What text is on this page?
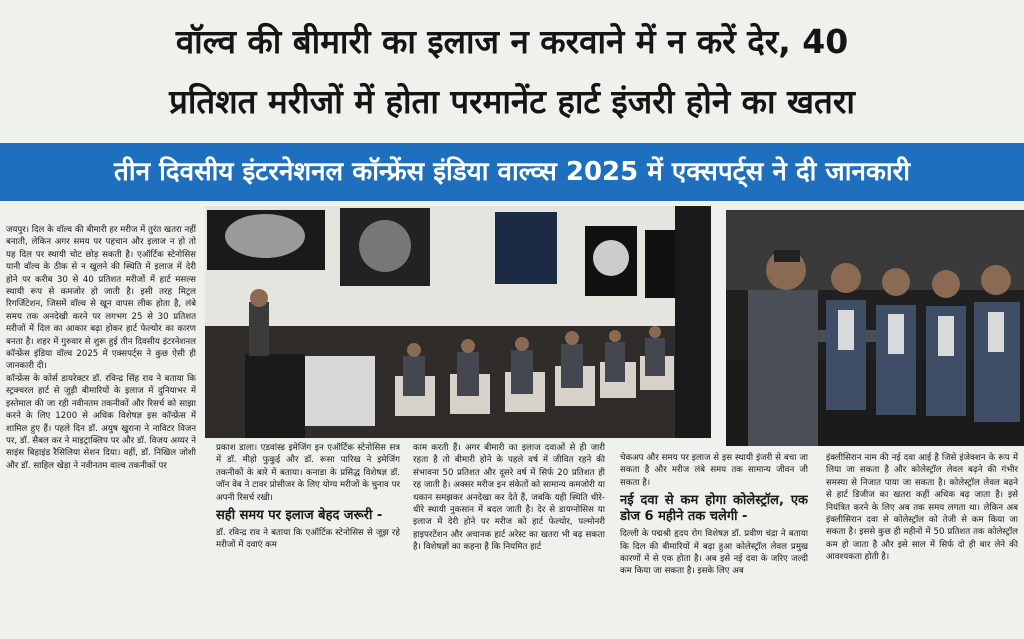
वॉल्व की बीमारी का इलाज न करवाने में न करें देर, 40
प्रतिशत मरीजों में होता परमानेंट हार्ट इंजरी होने का खतरा
तीन दिवसीय इंटरनेशनल कॉन्फ्रेंस इंडिया वाल्व्स 2025 में एक्सपर्ट्स ने दी जानकारी

जयपुर। दिल के वॉल्व की बीमारी हर मरीज में तुरंत खतरा नहीं बनाती, लेकिन अगर समय पर पहचान और इलाज न हो तो यह दिल पर स्थायी चोट छोड़ सकती है। एऑर्टिक स्टेनोसिस यानी वॉल्व के ठीक से न खुलने की स्थिति में इलाज में देरी होने पर करीब 30 से 40 प्रतिशत मरीजों में हार्ट मसल्स स्थायी रूप से कमजोर हो जाती है। इसी तरह मिट्रल रिगर्जिटेशन, जिसमें वॉल्व से खून वापस लीक होता है, लंबे समय तक अनदेखी करने पर लगभग 25 से 30 प्रतिशत मरीजों में दिल का आकार बढ़ा होकर हार्ट फेल्योर का कारण बनता है। शहर में गुरुवार से शुरू हुई तीन दिवसीय इंटरनेशनल कॉन्फ्रेंस इंडिया वॉल्व 2025 में एक्सपर्ट्स ने कुछ ऐसी ही जानकारी दी।

कॉन्फ्रेंस के कोर्स डायरेक्टर डॉ. रविन्द्र सिंह राव ने बताया कि स्ट्रक्चरल हार्ट से जुड़ी बीमारियों के इलाज में दुनियाभर में इस्तेमाल की जा रही नवीनतम तकनीकों और रिसर्च को साझा करने के लिए 1200 से अधिक विशेषज्ञ इस कॉन्फ्रेंस में शामिल हुए हैं। पहले दिन डॉ. अयुष खुराना ने नाविटर विजन पर, डॉ. सैबल कर ने माइट्राक्लिप पर और डॉ. विजय अय्यर ने साइंस बिहाइंड रैसिलिया सेशन दिया। वहीं, डॉ. निखिल जोशी और डॉ. साहिल खेड़ा ने नवीनतम वाल्व तकनीकों पर

प्रकाश डाला। एडवांस्ड इमेजिंग इन एऑर्टिक स्टेनोसिस सत्र में डॉ. मीहो फुकुई और डॉ. रूसा पारिख ने इमेजिंग तकनीकों के बारे में बताया। कनाडा के प्रसिद्ध विशेषज्ञ डॉ. जॉन वेब ने टावर प्रोसीजर के लिए योग्य मरीजों के चुनाव पर अपनी रिसर्च रखी।

सही समय पर इलाज बेहद जरूरी -

डॉ. रविन्द्र राव ने बताया कि एऑर्टिक स्टेनोसिस से जूझ रहे मरीजों में दवाएं कम

काम करती हैं। अगर बीमारी का इलाज दवाओं से ही जारी रहता है तो बीमारी होने के पहले वर्ष में जीवित रहने की संभावना 50 प्रतिशत और दूसरे वर्ष में सिर्फ 20 प्रतिशत ही रह जाती है। अक्सर मरीज इन संकेतों को सामान्य कमजोरी या थकान समझकर अनदेखा कर देते हैं, जबकि यही स्थिति धीरे-धीरे स्थायी नुकसान में बदल जाती है। देर से डायग्नोसिस या इलाज में देरी होने पर मरीज को हार्ट फेल्योर, पल्मोनरी हाइपरटेंशन और अचानक हार्ट अरेस्ट का खतरा भी बढ़ सकता है। विशेषज्ञों का कहना है कि नियमित हार्ट

चेकअप और समय पर इलाज से इस स्थायी इंजरी से बचा जा सकता है और मरीज लंबे समय तक सामान्य जीवन जी सकता है।

नई दवा से कम होगा कोलेस्ट्रॉल, एक डोज 6 महीने तक चलेगी -

दिल्ली के पद्मश्री हृदय रोग विशेषज्ञ डॉ. प्रवीण चंद्रा ने बताया कि दिल की बीमारियों में बढ़ा हुआ कोलेस्ट्रॉल लेवल प्रमुख कारणों में से एक होता है। अब इसे नई दवा के जरिए जल्दी कम किया जा सकता है। इसके लिए अब

इंक्लीसिरान नाम की नई दवा आई है जिसे इंजेक्शन के रूप में लिया जा सकता है और कोलेस्ट्रॉल लेवल बढ़ने की गंभीर समस्या से निजात पाया जा सकता है। कोलेस्ट्रॉल लेवल बढ़ने से हार्ट डिजीज का खतरा कहीं अधिक बढ़ जाता है। इसे नियंत्रित करने के लिए अब तक समय लगता था। लेकिन अब इंक्लीसिरान दवा से कोलेस्ट्रॉल को तेजी से कम किया जा सकता है। इससे कुछ ही महीनों में 50 प्रतिशत तक कोलेस्ट्रॉल कम हो जाता है और इसे साल में सिर्फ दो ही बार लेने की आवश्यकता होती है।
